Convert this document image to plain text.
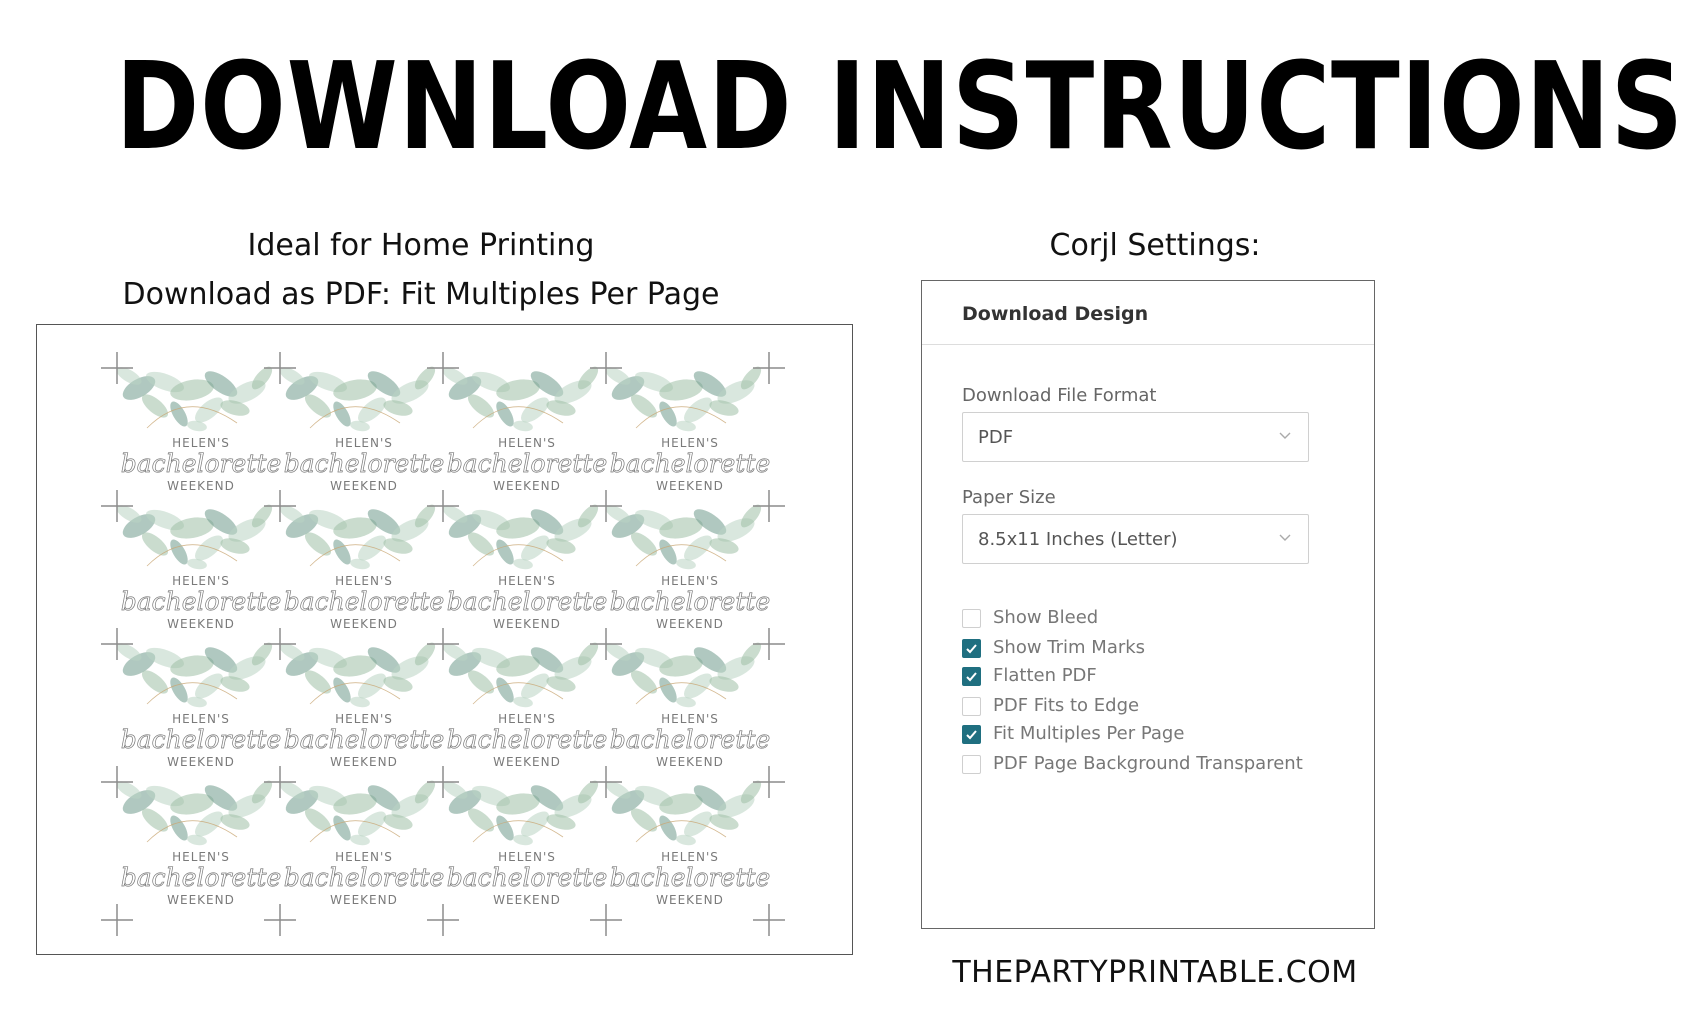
DOWNLOAD INSTRUCTIONS
Ideal for Home Printing
Download as PDF: Fit Multiples Per Page
Corjl Settings:
HELEN'S
bachelorette
WEEKEND
HELEN'S
bachelorette
WEEKEND
HELEN'S
bachelorette
WEEKEND
HELEN'S
bachelorette
WEEKEND
HELEN'S
bachelorette
WEEKEND
HELEN'S
bachelorette
WEEKEND
HELEN'S
bachelorette
WEEKEND
HELEN'S
bachelorette
WEEKEND
HELEN'S
bachelorette
WEEKEND
HELEN'S
bachelorette
WEEKEND
HELEN'S
bachelorette
WEEKEND
HELEN'S
bachelorette
WEEKEND
HELEN'S
bachelorette
WEEKEND
HELEN'S
bachelorette
WEEKEND
HELEN'S
bachelorette
WEEKEND
HELEN'S
bachelorette
WEEKEND
Download Design
Download File Format
PDF
Paper Size
8.5x11 Inches (Letter)
Show Bleed
Show Trim Marks
Flatten PDF
PDF Fits to Edge
Fit Multiples Per Page
PDF Page Background Transparent
THEPARTYPRINTABLE.COM
